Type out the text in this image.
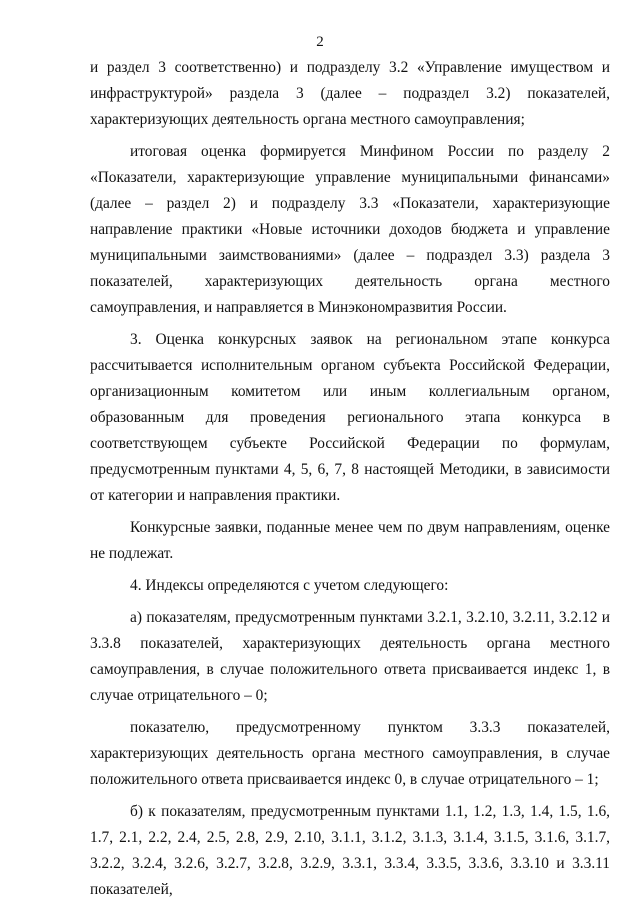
2

и раздел 3 соответственно) и подразделу 3.2 «Управление имуществом и инфраструктурой» раздела 3 (далее – подраздел 3.2) показателей, характеризующих деятельность органа местного самоуправления;

итоговая оценка формируется Минфином России по разделу 2 «Показатели, характеризующие управление муниципальными финансами» (далее – раздел 2) и подразделу 3.3 «Показатели, характеризующие направление практики «Новые источники доходов бюджета и управление муниципальными заимствованиями» (далее – подраздел 3.3) раздела 3 показателей, характеризующих деятельность органа местного самоуправления, и направляется в Минэкономразвития России.

3. Оценка конкурсных заявок на региональном этапе конкурса рассчитывается исполнительным органом субъекта Российской Федерации, организационным комитетом или иным коллегиальным органом, образованным для проведения регионального этапа конкурса в соответствующем субъекте Российской Федерации по формулам, предусмотренным пунктами 4, 5, 6, 7, 8 настоящей Методики, в зависимости от категории и направления практики.

Конкурсные заявки, поданные менее чем по двум направлениям, оценке не подлежат.

4. Индексы определяются с учетом следующего:

а) показателям, предусмотренным пунктами 3.2.1, 3.2.10, 3.2.11, 3.2.12 и 3.3.8 показателей, характеризующих деятельность органа местного самоуправления, в случае положительного ответа присваивается индекс 1, в случае отрицательного – 0;

показателю, предусмотренному пунктом 3.3.3 показателей, характеризующих деятельность органа местного самоуправления, в случае положительного ответа присваивается индекс 0, в случае отрицательного – 1;

б) к показателям, предусмотренным пунктами 1.1, 1.2, 1.3, 1.4, 1.5, 1.6, 1.7, 2.1, 2.2, 2.4, 2.5, 2.8, 2.9, 2.10, 3.1.1, 3.1.2, 3.1.3, 3.1.4, 3.1.5, 3.1.6, 3.1.7, 3.2.2, 3.2.4, 3.2.6, 3.2.7, 3.2.8, 3.2.9, 3.3.1, 3.3.4, 3.3.5, 3.3.6, 3.3.10 и 3.3.11 показателей,
